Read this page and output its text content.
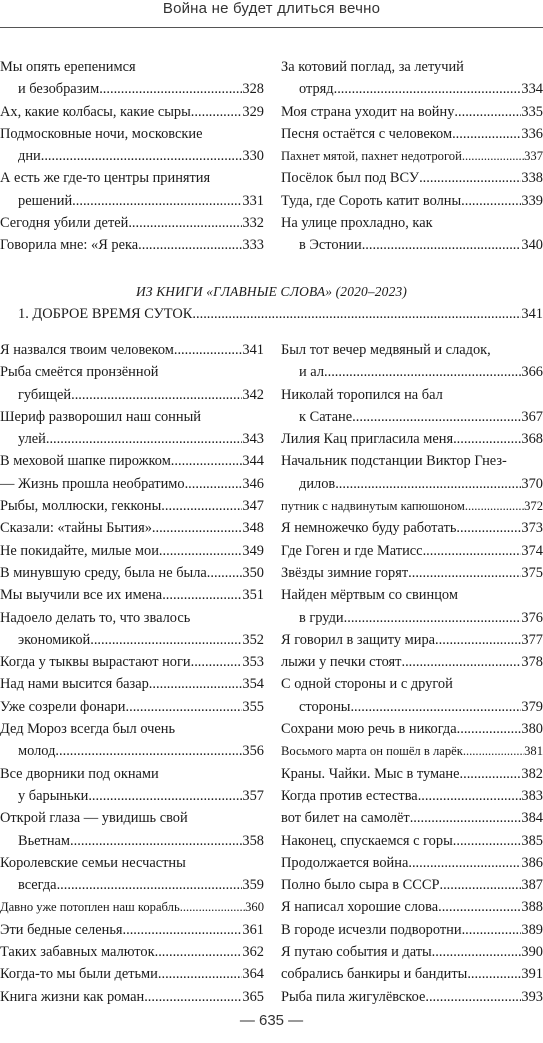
Война не будет длиться вечно
Мы опять ерепенимся
и безобразим .....	328
Ах, какие колбасы, какие сыры .....	329
Подмосковные ночи, московские
дни .....	330
А есть же где-то центры принятия
решений .....	331
Сегодня убили детей .....	332
Говорила мне: «Я река .....	333
За котовий поглад, за летучий
отряд .....	334
Моя страна уходит на войну .....	335
Песня остаётся с человеком .....	336
Пахнет мятой, пахнет недотрогой .....	337
Посёлок был под ВСУ .....	338
Туда, где Сороть катит волны .....	339
На улице прохладно, как
в Эстонии .....	340
ИЗ КНИГИ «ГЛАВНЫЕ СЛОВА» (2020–2023)
1. ДОБРОЕ ВРЕМЯ СУТОК .....	341
Я назвался твоим человеком .....	341
Рыба смеётся пронзённой
губищей .....	342
Шериф разворошил наш сонный
улей .....	343
В меховой шапке пирожком .....	344
— Жизнь прошла необратимо .....	346
Рыбы, моллюски, гекконы .....	347
Сказали: «тайны Бытия» .....	348
Не покидайте, милые мои .....	349
В минувшую среду, была не была ..... 350
Мы выучили все их имена .....	351
Надоело делать то, что звалось
экономикой .....	352
Когда у тыквы вырастают ноги .....	353
Над нами высится базар .....	354
Уже созрели фонари .....	355
Дед Мороз всегда был очень
молод .....	356
Все дворники под окнами
у барыньки .....	357
Открой глаза — увидишь свой
Вьетнам .....	358
Королевские семьи несчастны
всегда .....	359
Давно уже потоплен наш корабль .....	360
Эти бедные селенья .....	361
Таких забавных малюток .....	362
Когда-то мы были детьми .....	364
Книга жизни как роман .....	365
Был тот вечер медвяный и сладок,
и ал .....	366
Николай торопился на бал
к Сатане .....	367
Лилия Кац пригласила меня .....	368
Начальник подстанции Виктор Гнез-
дилов .....	370
путник с надвинутым капюшоном .....	372
Я немножечко буду работать .....	373
Где Гоген и где Матисс .....	374
Звёзды зимние горят .....	375
Найден мёртвым со свинцом
в груди .....	376
Я говорил в защиту мира .....	377
лыжи у печки стоят .....	378
С одной стороны и с другой
стороны .....	379
Сохрани мою речь в никогда .....	380
Восьмого марта он пошёл в ларёк .....	381
Краны. Чайки. Мыс в тумане .....	382
Когда против естества .....	383
вот билет на самолёт .....	384
Наконец, спускаемся с горы .....	385
Продолжается война .....	386
Полно было сыра в СССР .....	387
Я написал хорошие слова .....	388
В городе исчезли подворотни .....	389
Я путаю события и даты .....	390
собрались банкиры и бандиты .....	391
Рыба пила жигулёвское .....	393
— 635 —
